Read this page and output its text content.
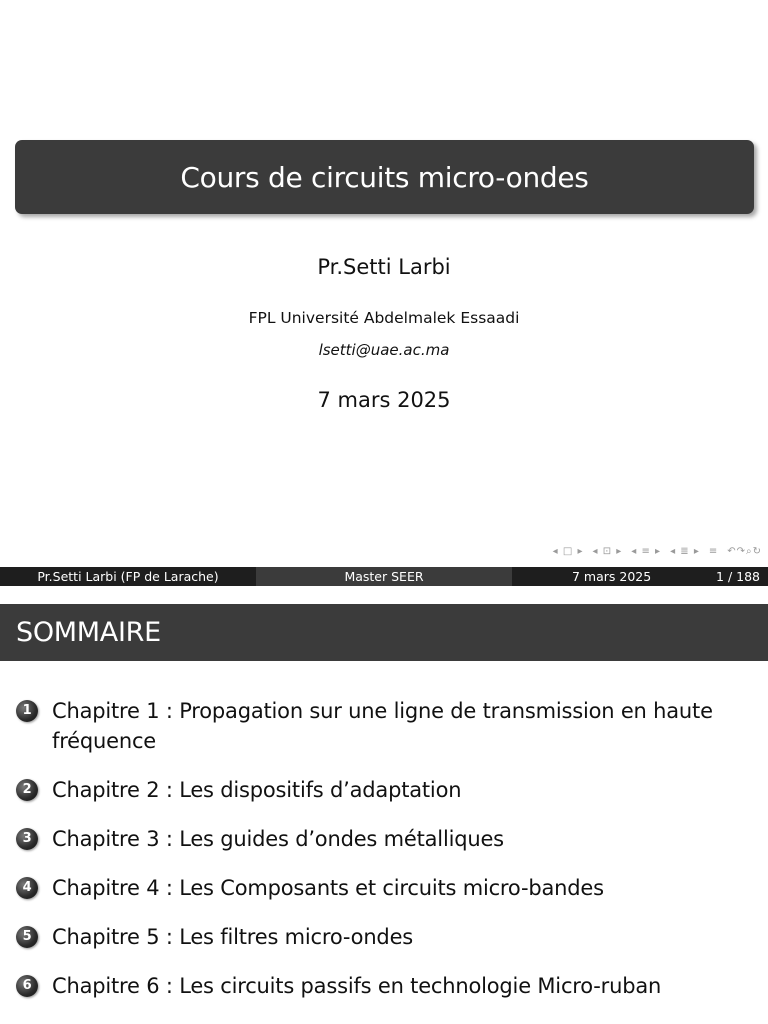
Cours de circuits micro-ondes
Pr.Setti Larbi
FPL Université Abdelmalek Essaadi
lsetti@uae.ac.ma
7 mars 2025
◂ □ ▸ ◂ ⊡ ▸ ◂ ≡ ▸ ◂ ≣ ▸ ≡ ↶↷⌕↻
Pr.Setti Larbi (FP de Larache)	Master SEER	7 mars 2025	1 / 188
SOMMAIRE
1 Chapitre 1 : Propagation sur une ligne de transmission en haute fréquence
2 Chapitre 2 : Les dispositifs d’adaptation
3 Chapitre 3 : Les guides d’ondes métalliques
4 Chapitre 4 : Les Composants et circuits micro-bandes
5 Chapitre 5 : Les filtres micro-ondes
6 Chapitre 6 : Les circuits passifs en technologie Micro-ruban
